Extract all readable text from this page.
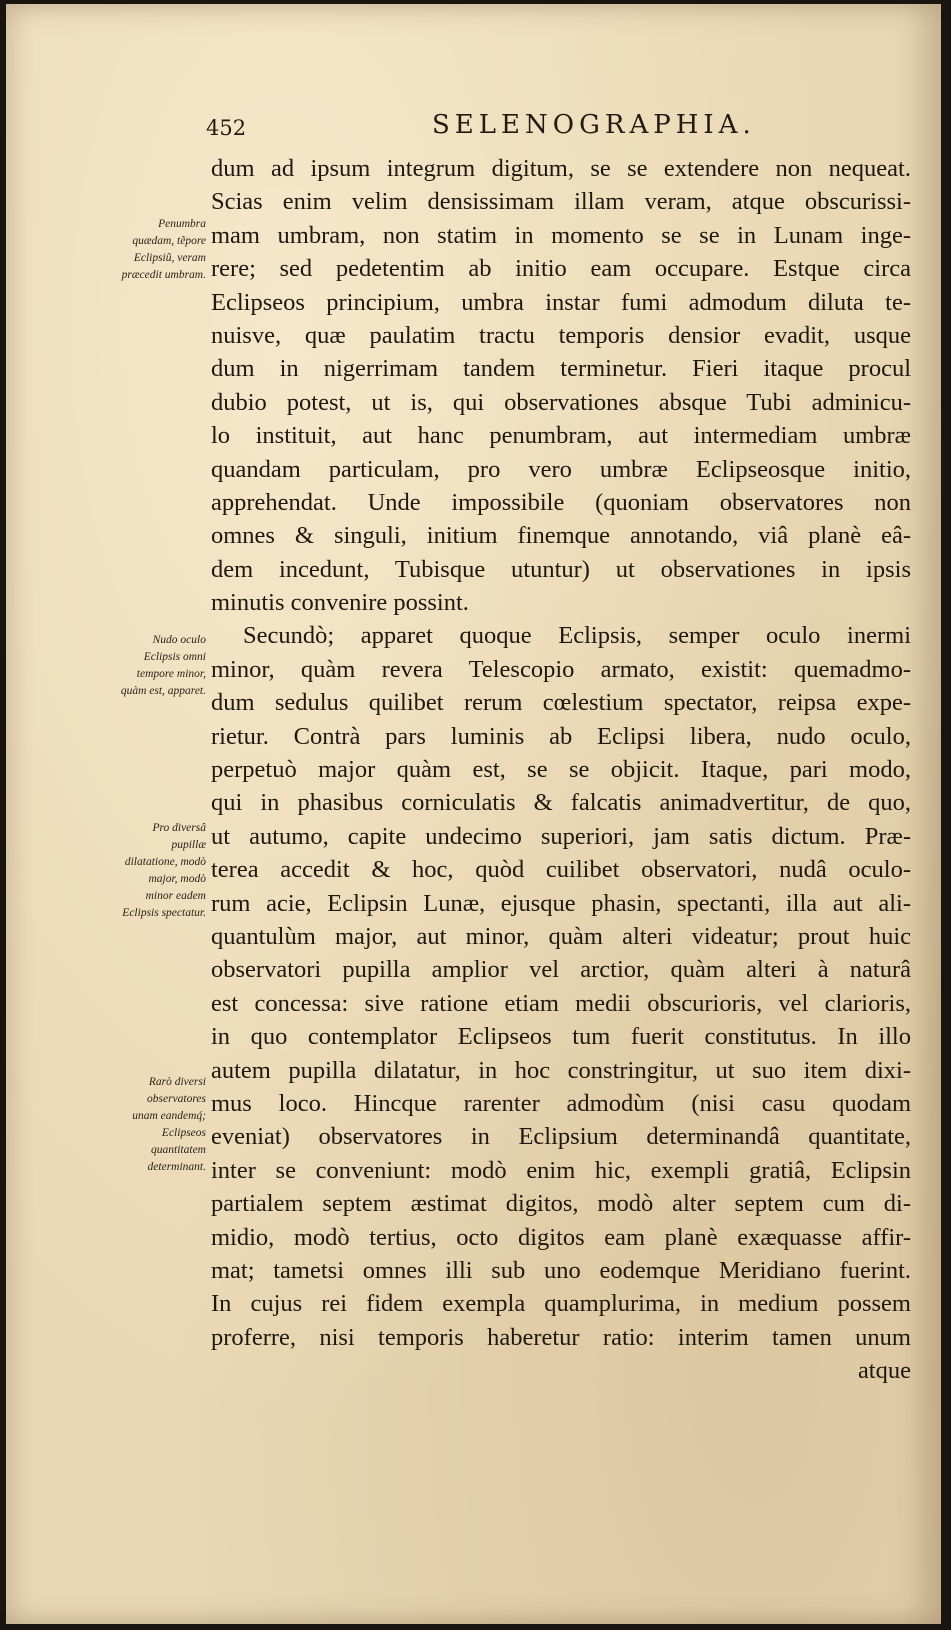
452	SELENOGRAPHIA.
Penumbra quædam, tẽpore Eclipsiũ, veram præcedit umbram.
Nudo oculo Eclipsis omni tempore minor, quàm est, apparet.
Pro diversâ pupillæ dilatatione, modò major, modò minor eadem Eclipsis spectatur.
Rarò diversi observatores unam eandemq́; Eclipseos quantitatem determinant.
dum ad ipsum integrum digitum, se se extendere non nequeat.
Scias enim velim densissimam illam veram, atque obscurissi-
mam umbram, non statim in momento se se in Lunam inge-
rere; sed pedetentim ab initio eam occupare. Estque circa
Eclipseos principium, umbra instar fumi admodum diluta te-
nuisve, quæ paulatim tractu temporis densior evadit, usque
dum in nigerrimam tandem terminetur. Fieri itaque procul
dubio potest, ut is, qui observationes absque Tubi adminicu-
lo instituit, aut hanc penumbram, aut intermediam umbræ
quandam particulam, pro vero umbræ Eclipseosque initio,
apprehendat. Unde impossibile (quoniam observatores non
omnes & singuli, initium finemque annotando, viâ planè eâ-
dem incedunt, Tubisque utuntur) ut observationes in ipsis
minutis convenire possint.
Secundò; apparet quoque Eclipsis, semper oculo inermi
minor, quàm revera Telescopio armato, existit: quemadmo-
dum sedulus quilibet rerum cœlestium spectator, reipsa expe-
rietur. Contrà pars luminis ab Eclipsi libera, nudo oculo,
perpetuò major quàm est, se se objicit. Itaque, pari modo,
qui in phasibus corniculatis & falcatis animadvertitur, de quo,
ut autumo, capite undecimo superiori, jam satis dictum. Præ-
terea accedit & hoc, quòd cuilibet observatori, nudâ oculo-
rum acie, Eclipsin Lunæ, ejusque phasin, spectanti, illa aut ali-
quantulùm major, aut minor, quàm alteri videatur; prout huic
observatori pupilla amplior vel arctior, quàm alteri à naturâ
est concessa: sive ratione etiam medii obscurioris, vel clarioris,
in quo contemplator Eclipseos tum fuerit constitutus. In illo
autem pupilla dilatatur, in hoc constringitur, ut suo item dixi-
mus loco. Hincque rarenter admodùm (nisi casu quodam
eveniat) observatores in Eclipsium determinandâ quantitate,
inter se conveniunt: modò enim hic, exempli gratiâ, Eclipsin
partialem septem æstimat digitos, modò alter septem cum di-
midio, modò tertius, octo digitos eam planè exæquasse affir-
mat; tametsi omnes illi sub uno eodemque Meridiano fuerint.
In cujus rei fidem exempla quamplurima, in medium possem
proferre, nisi temporis haberetur ratio: interim tamen unum
atque
